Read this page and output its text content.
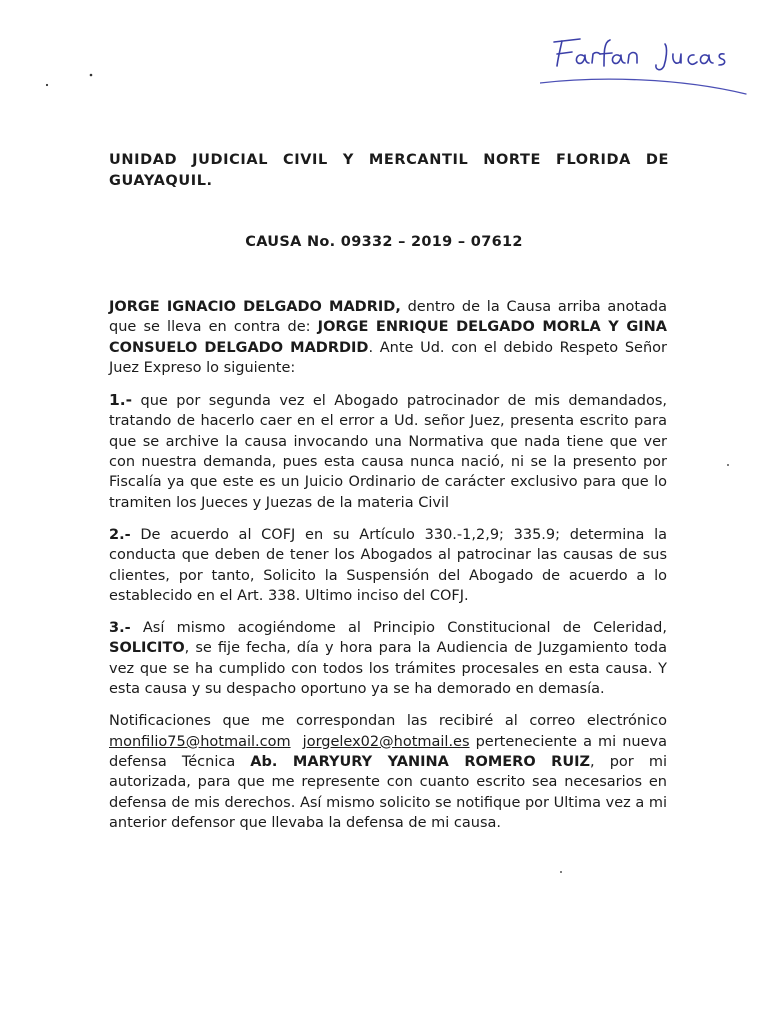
UNIDAD JUDICIAL CIVIL Y MERCANTIL NORTE FLORIDA DE GUAYAQUIL.
CAUSA No. 09332 – 2019 – 07612

JORGE IGNACIO DELGADO MADRID, dentro de la Causa arriba anotada que se lleva en contra de: JORGE ENRIQUE DELGADO MORLA Y GINA CONSUELO DELGADO MADRDID. Ante Ud. con el debido Respeto Señor Juez Expreso lo siguiente:

1.- que por segunda vez el Abogado patrocinador de mis demandados, tratando de hacerlo caer en el error a Ud. señor Juez, presenta escrito para que se archive la causa invocando una Normativa que nada tiene que ver con nuestra demanda, pues esta causa nunca nació, ni se la presento por Fiscalía ya que este es un Juicio Ordinario de carácter exclusivo para que lo tramiten los Jueces y Juezas de la materia Civil

2.- De acuerdo al COFJ en su Artículo 330.-1,2,9; 335.9; determina la conducta que deben de tener los Abogados al patrocinar las causas de sus clientes, por tanto, Solicito la Suspensión del Abogado de acuerdo a lo establecido en el Art. 338. Ultimo inciso del COFJ.

3.- Así mismo acogiéndome al Principio Constitucional de Celeridad, SOLICITO, se fije fecha, día y hora para la Audiencia de Juzgamiento toda vez que se ha cumplido con todos los trámites procesales en esta causa. Y esta causa y su despacho oportuno ya se ha demorado en demasía.

Notificaciones que me correspondan las recibiré al correo electrónico monfilio75@hotmail.com jorgelex02@hotmail.es perteneciente a mi nueva defensa Técnica Ab. MARYURY YANINA ROMERO RUIZ, por mi autorizada, para que me represente con cuanto escrito sea necesarios en defensa de mis derechos. Así mismo solicito se notifique por Ultima vez a mi anterior defensor que llevaba la defensa de mi causa.
